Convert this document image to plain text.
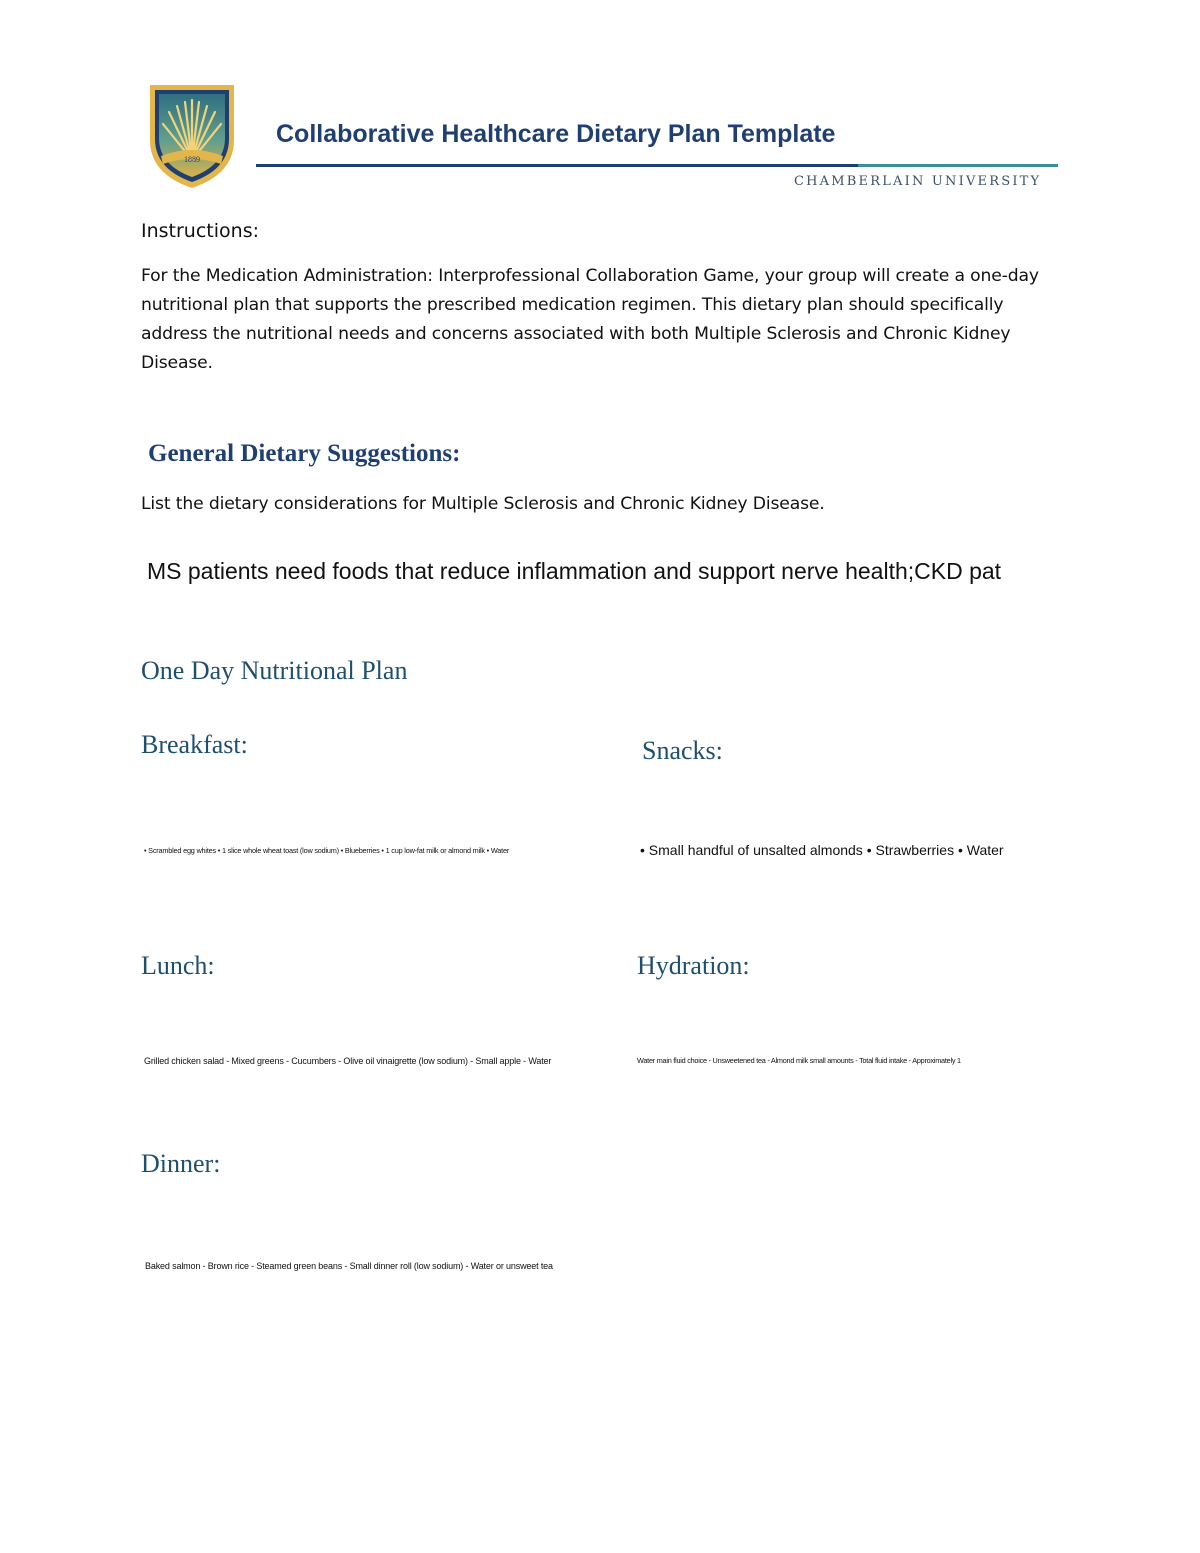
1889
Collaborative Healthcare Dietary Plan Template
CHAMBERLAIN UNIVERSITY
Instructions:
For the Medication Administration: Interprofessional Collaboration Game, your group will create a one-day nutritional plan that supports the prescribed medication regimen. This dietary plan should specifically address the nutritional needs and concerns associated with both Multiple Sclerosis and Chronic Kidney Disease.
General Dietary Suggestions:
List the dietary considerations for Multiple Sclerosis and Chronic Kidney Disease.
MS patients need foods that reduce inflammation and support nerve health;CKD pat
One Day Nutritional Plan
Breakfast:
• Scrambled egg whites • 1 slice whole wheat toast (low sodium) • Blueberries • 1 cup low-fat milk or almond milk • Water
Snacks:
• Small handful of unsalted almonds • Strawberries • Water
Lunch:
Grilled chicken salad - Mixed greens - Cucumbers - Olive oil vinaigrette (low sodium) - Small apple - Water
Hydration:
Water main fluid choice - Unsweetened tea - Almond milk small amounts - Total fluid intake - Approximately 1
Dinner:
Baked salmon - Brown rice - Steamed green beans - Small dinner roll (low sodium) - Water or unsweet tea
